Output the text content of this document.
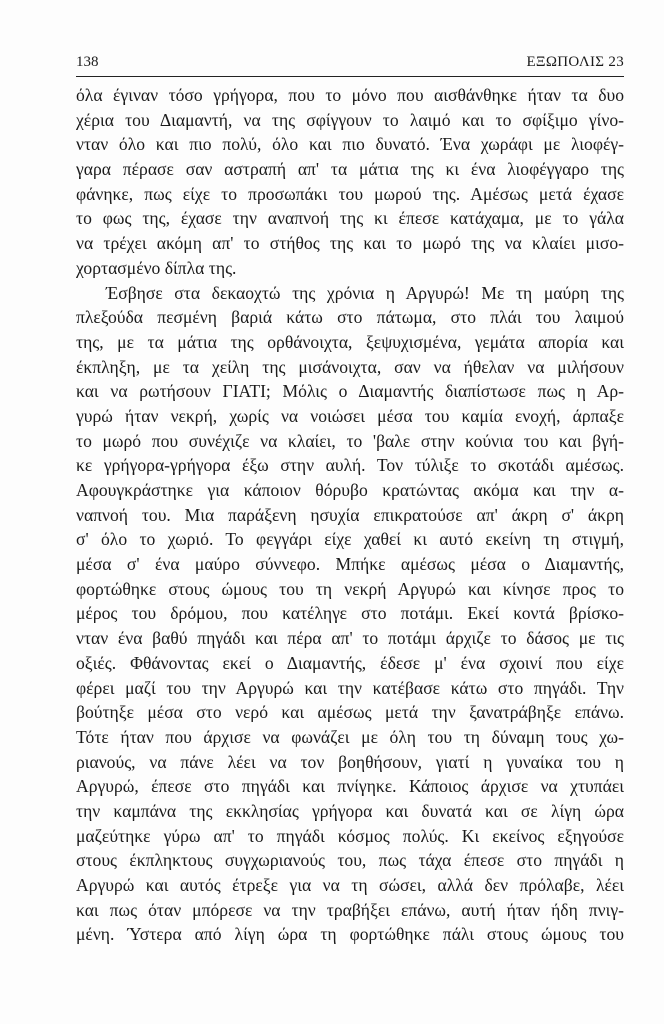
138	ΕΞΩΠΟΛΙΣ 23
όλα έγιναν τόσο γρήγορα, που το μόνο που αισθάνθηκε ήταν τα δυο
χέρια του Διαμαντή, να της σφίγγουν το λαιμό και το σφίξιμο γίνο-
νταν όλο και πιο πολύ, όλο και πιο δυνατό. Ένα χωράφι με λιοφέγ-
γαρα πέρασε σαν αστραπή απ' τα μάτια της κι ένα λιοφέγγαρο της
φάνηκε, πως είχε το προσωπάκι του μωρού της. Αμέσως μετά έχασε
το φως της, έχασε την αναπνοή της κι έπεσε κατάχαμα, με το γάλα
να τρέχει ακόμη απ' το στήθος της και το μωρό της να κλαίει μισο-
χορτασμένο δίπλα της.
Έσβησε στα δεκαοχτώ της χρόνια η Αργυρώ! Με τη μαύρη της
πλεξούδα πεσμένη βαριά κάτω στο πάτωμα, στο πλάι του λαιμού
της, με τα μάτια της ορθάνοιχτα, ξεψυχισμένα, γεμάτα απορία και
έκπληξη, με τα χείλη της μισάνοιχτα, σαν να ήθελαν να μιλήσουν
και να ρωτήσουν ΓΙΑΤΙ; Μόλις ο Διαμαντής διαπίστωσε πως η Αρ-
γυρώ ήταν νεκρή, χωρίς να νοιώσει μέσα του καμία ενοχή, άρπαξε
το μωρό που συνέχιζε να κλαίει, το 'βαλε στην κούνια του και βγή-
κε γρήγορα-γρήγορα έξω στην αυλή. Τον τύλιξε το σκοτάδι αμέσως.
Αφουγκράστηκε για κάποιον θόρυβο κρατώντας ακόμα και την α-
ναπνοή του. Μια παράξενη ησυχία επικρατούσε απ' άκρη σ' άκρη
σ' όλο το χωριό. Το φεγγάρι είχε χαθεί κι αυτό εκείνη τη στιγμή,
μέσα σ' ένα μαύρο σύννεφο. Μπήκε αμέσως μέσα ο Διαμαντής,
φορτώθηκε στους ώμους του τη νεκρή Αργυρώ και κίνησε προς το
μέρος του δρόμου, που κατέληγε στο ποτάμι. Εκεί κοντά βρίσκο-
νταν ένα βαθύ πηγάδι και πέρα απ' το ποτάμι άρχιζε το δάσος με τις
οξιές. Φθάνοντας εκεί ο Διαμαντής, έδεσε μ' ένα σχοινί που είχε
φέρει μαζί του την Αργυρώ και την κατέβασε κάτω στο πηγάδι. Την
βούτηξε μέσα στο νερό και αμέσως μετά την ξανατράβηξε επάνω.
Τότε ήταν που άρχισε να φωνάζει με όλη του τη δύναμη τους χω-
ριανούς, να πάνε λέει να τον βοηθήσουν, γιατί η γυναίκα του η
Αργυρώ, έπεσε στο πηγάδι και πνίγηκε. Κάποιος άρχισε να χτυπάει
την καμπάνα της εκκλησίας γρήγορα και δυνατά και σε λίγη ώρα
μαζεύτηκε γύρω απ' το πηγάδι κόσμος πολύς. Κι εκείνος εξηγούσε
στους έκπληκτους συγχωριανούς του, πως τάχα έπεσε στο πηγάδι η
Αργυρώ και αυτός έτρεξε για να τη σώσει, αλλά δεν πρόλαβε, λέει
και πως όταν μπόρεσε να την τραβήξει επάνω, αυτή ήταν ήδη πνιγ-
μένη. Ύστερα από λίγη ώρα τη φορτώθηκε πάλι στους ώμους του
